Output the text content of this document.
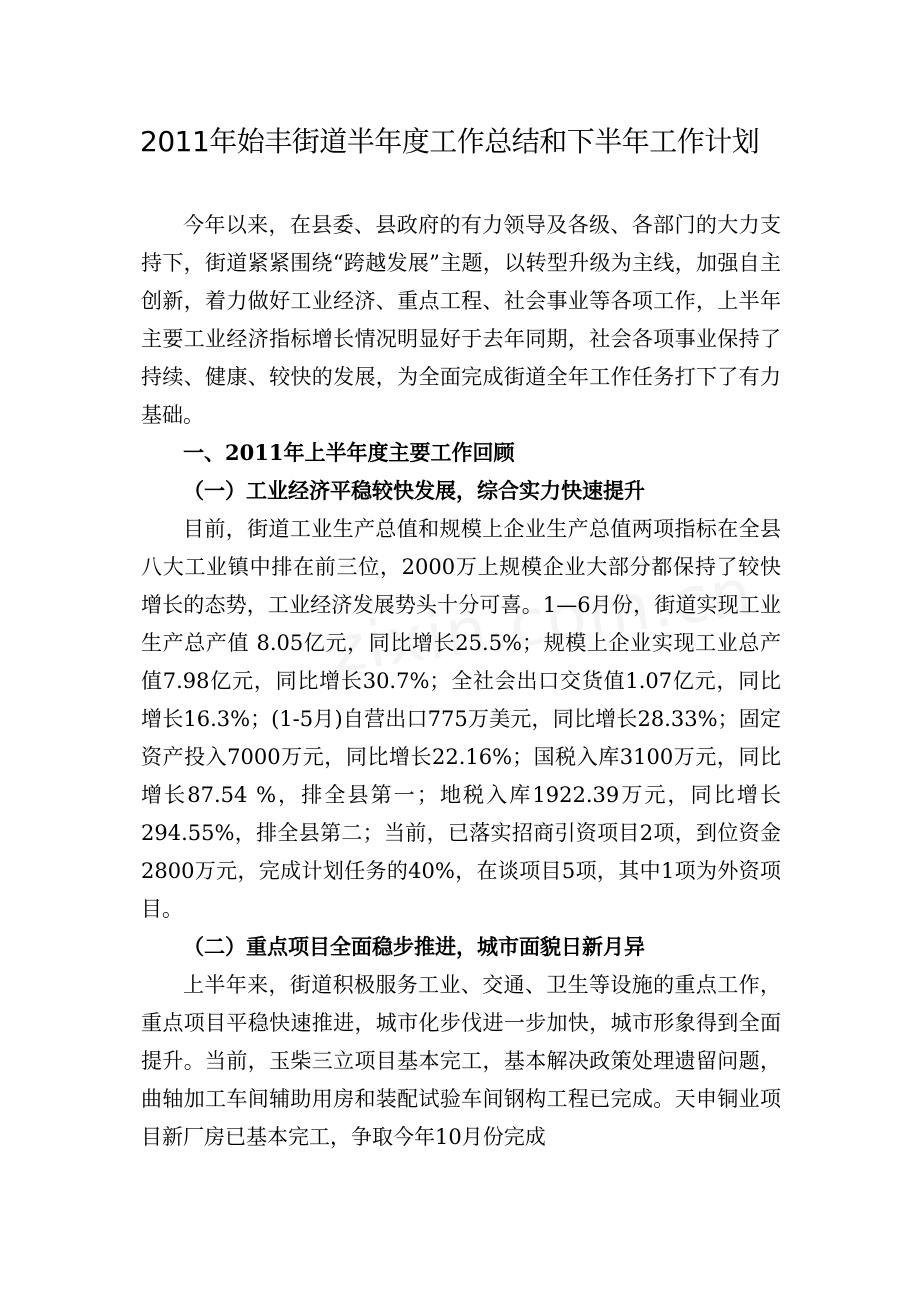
2011年始丰街道半年度工作总结和下半年工作计划

今年以来，在县委、县政府的有力领导及各级、各部门的大力支持下，街道紧紧围绕“跨越发展”主题，以转型升级为主线，加强自主创新，着力做好工业经济、重点工程、社会事业等各项工作，上半年主要工业经济指标增长情况明显好于去年同期，社会各项事业保持了持续、健康、较快的发展，为全面完成街道全年工作任务打下了有力基础。

一、2011年上半年度主要工作回顾
（一）工业经济平稳较快发展，综合实力快速提升

目前，街道工业生产总值和规模上企业生产总值两项指标在全县八大工业镇中排在前三位，2000万上规模企业大部分都保持了较快增长的态势，工业经济发展势头十分可喜。1—6月份，街道实现工业生产总产值 8.05亿元，同比增长25.5%；规模上企业实现工业总产值7.98亿元，同比增长30.7%；全社会出口交货值1.07亿元，同比增长16.3%；(1-5月)自营出口775万美元，同比增长28.33%；固定资产投入7000万元，同比增长22.16%；国税入库3100万元，同比增长87.54 %，排全县第一；地税入库1922.39万元，同比增长294.55%，排全县第二；当前，已落实招商引资项目2项，到位资金2800万元，完成计划任务的40%，在谈项目5项，其中1项为外资项目。

（二）重点项目全面稳步推进，城市面貌日新月异

上半年来，街道积极服务工业、交通、卫生等设施的重点工作，重点项目平稳快速推进，城市化步伐进一步加快，城市形象得到全面提升。当前，玉柴三立项目基本完工，基本解决政策处理遗留问题，曲轴加工车间辅助用房和装配试验车间钢构工程已完成。天申铜业项目新厂房已基本完工，争取今年10月份完成
